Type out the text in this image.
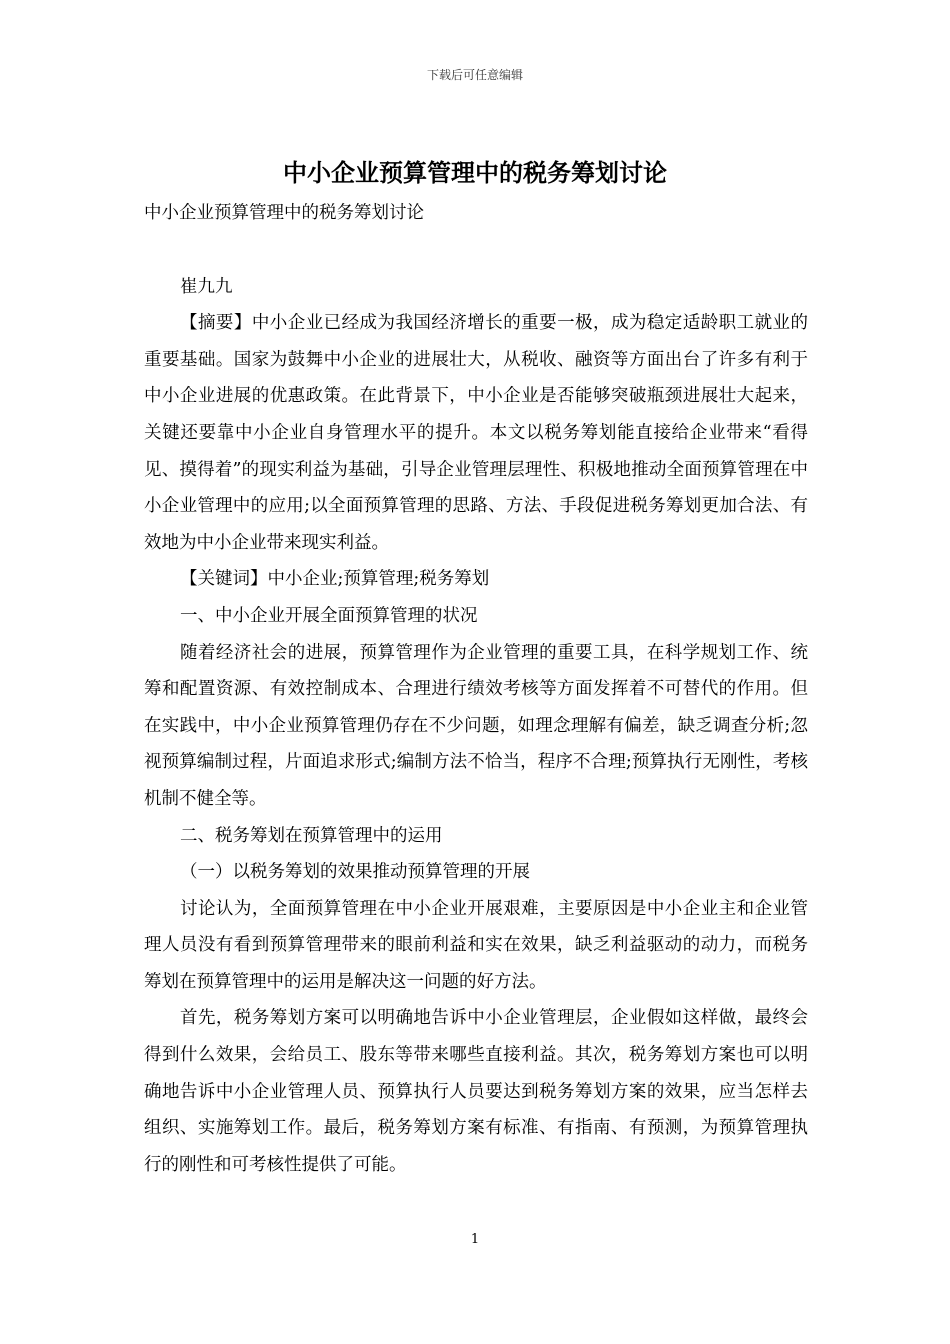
下载后可任意编辑
中小企业预算管理中的税务筹划讨论

中小企业预算管理中的税务筹划讨论

崔九九

【摘要】中小企业已经成为我国经济增长的重要一极，成为稳定适龄职工就业的重要基础。国家为鼓舞中小企业的进展壮大，从税收、融资等方面出台了许多有利于中小企业进展的优惠政策。在此背景下，中小企业是否能够突破瓶颈进展壮大起来，关键还要靠中小企业自身管理水平的提升。本文以税务筹划能直接给企业带来“看得见、摸得着”的现实利益为基础，引导企业管理层理性、积极地推动全面预算管理在中小企业管理中的应用;以全面预算管理的思路、方法、手段促进税务筹划更加合法、有效地为中小企业带来现实利益。

【关键词】中小企业;预算管理;税务筹划

一、中小企业开展全面预算管理的状况

随着经济社会的进展，预算管理作为企业管理的重要工具，在科学规划工作、统筹和配置资源、有效控制成本、合理进行绩效考核等方面发挥着不可替代的作用。但在实践中，中小企业预算管理仍存在不少问题，如理念理解有偏差，缺乏调查分析;忽视预算编制过程，片面追求形式;编制方法不恰当，程序不合理;预算执行无刚性，考核机制不健全等。

二、税务筹划在预算管理中的运用

（一）以税务筹划的效果推动预算管理的开展

讨论认为，全面预算管理在中小企业开展艰难，主要原因是中小企业主和企业管理人员没有看到预算管理带来的眼前利益和实在效果，缺乏利益驱动的动力，而税务筹划在预算管理中的运用是解决这一问题的好方法。

首先，税务筹划方案可以明确地告诉中小企业管理层，企业假如这样做，最终会得到什么效果，会给员工、股东等带来哪些直接利益。其次，税务筹划方案也可以明确地告诉中小企业管理人员、预算执行人员要达到税务筹划方案的效果，应当怎样去组织、实施筹划工作。最后，税务筹划方案有标准、有指南、有预测，为预算管理执行的刚性和可考核性提供了可能。

1
